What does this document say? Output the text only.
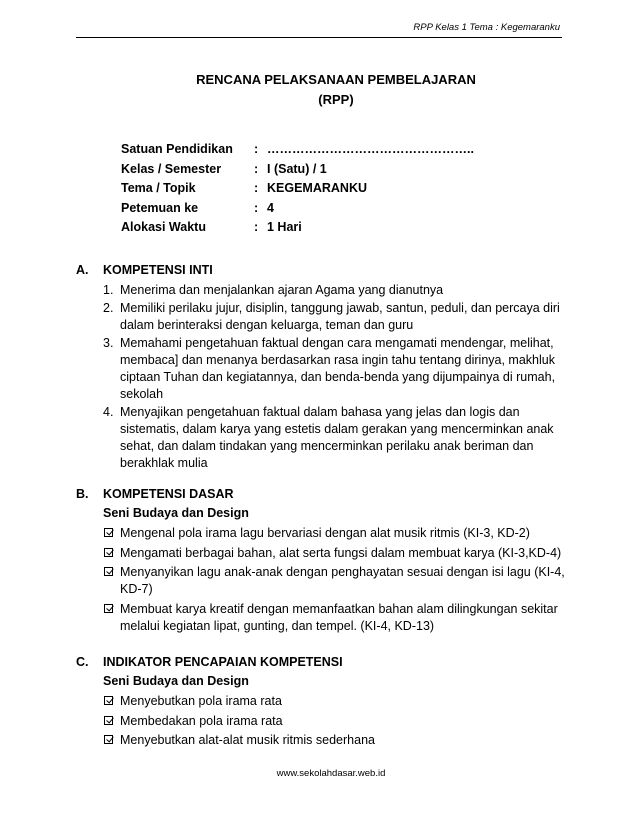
RPP Kelas 1 Tema : Kegemaranku
RENCANA PELAKSANAAN PEMBELAJARAN
(RPP)
Satuan Pendidikan	: …………………………………………..
Kelas / Semester	: I (Satu) / 1
Tema / Topik	: KEGEMARANKU
Petemuan ke	: 4
Alokasi Waktu	: 1 Hari
A.	KOMPETENSI INTI
1. Menerima dan menjalankan ajaran Agama yang dianutnya
2. Memiliki perilaku jujur, disiplin, tanggung jawab, santun, peduli, dan percaya diri dalam berinteraksi dengan keluarga, teman dan guru
3. Memahami pengetahuan faktual dengan cara mengamati mendengar, melihat, membaca] dan menanya berdasarkan rasa ingin tahu tentang dirinya, makhluk ciptaan Tuhan dan kegiatannya, dan benda-benda yang dijumpainya di rumah, sekolah
4. Menyajikan pengetahuan faktual dalam bahasa yang jelas dan logis dan sistematis, dalam karya yang estetis dalam gerakan yang mencerminkan anak sehat, dan dalam tindakan yang mencerminkan perilaku anak beriman dan berakhlak mulia
B.	KOMPETENSI DASAR
Seni Budaya dan Design
Mengenal pola irama lagu bervariasi dengan alat musik ritmis (KI-3, KD-2)
Mengamati berbagai bahan, alat serta fungsi dalam membuat karya (KI-3,KD-4)
Menyanyikan lagu anak-anak dengan penghayatan sesuai dengan isi lagu (KI-4, KD-7)
Membuat karya kreatif dengan memanfaatkan bahan alam dilingkungan sekitar melalui kegiatan lipat, gunting, dan tempel. (KI-4, KD-13)
C.	INDIKATOR PENCAPAIAN KOMPETENSI
Seni Budaya dan Design
Menyebutkan pola irama rata
Membedakan pola irama rata
Menyebutkan alat-alat musik ritmis sederhana
www.sekolahdasar.web.id
